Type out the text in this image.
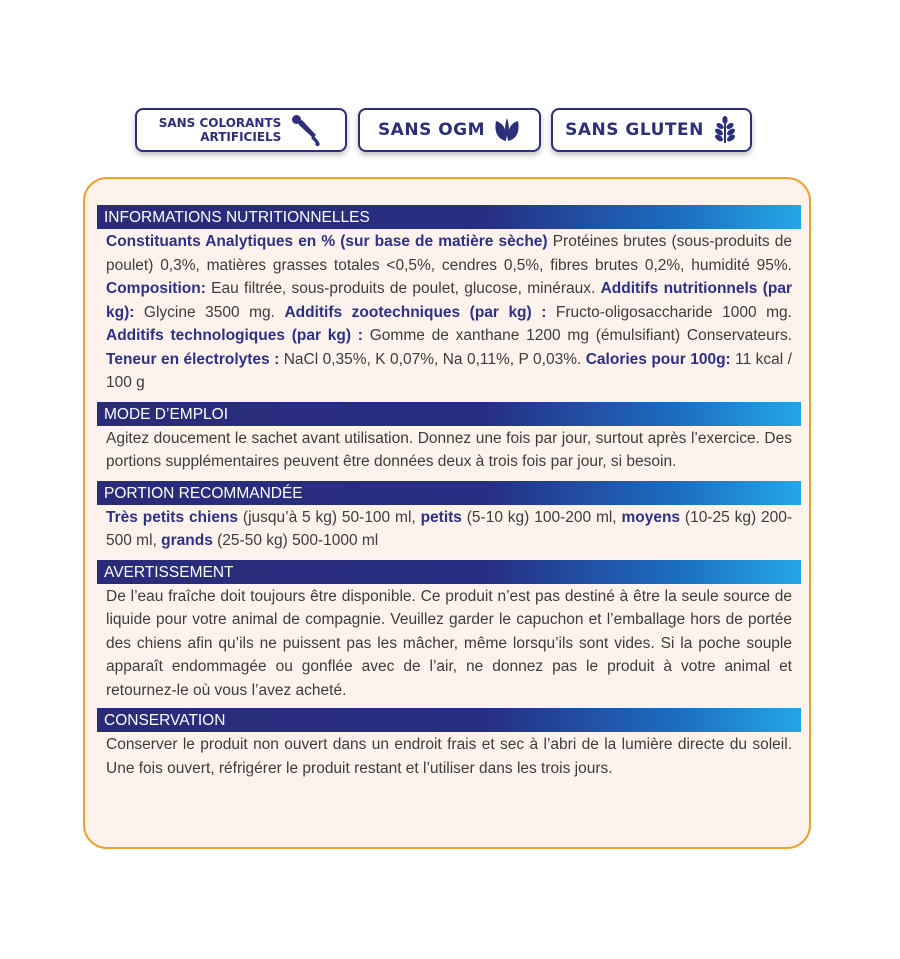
SANS COLORANTS
ARTIFICIELS	SANS OGM	SANS GLUTEN
INFORMATIONS NUTRITIONNELLES
Constituants Analytiques en % (sur base de matière sèche) Protéines brutes (sous-produits de poulet) 0,3%, matières grasses totales <0,5%, cendres 0,5%, fibres brutes 0,2%, humidité 95%. Composition: Eau filtrée, sous-produits de poulet, glucose, minéraux. Additifs nutritionnels (par kg): Glycine 3500 mg. Additifs zootechniques (par kg) : Fructo-oligosaccharide 1000 mg. Additifs technologiques (par kg) : Gomme de xanthane 1200 mg (émulsifiant) Conservateurs. Teneur en électrolytes : NaCl 0,35%, K 0,07%, Na 0,11%, P 0,03%. Calories pour 100g: 11 kcal / 100 g
MODE D’EMPLOI
Agitez doucement le sachet avant utilisation. Donnez une fois par jour, surtout après l’exercice. Des portions supplémentaires peuvent être données deux à trois fois par jour, si besoin.
PORTION RECOMMANDÉE
Très petits chiens (jusqu’à 5 kg) 50-100 ml, petits (5-10 kg) 100-200 ml, moyens (10-25 kg) 200-500 ml, grands (25-50 kg) 500-1000 ml
AVERTISSEMENT
De l’eau fraîche doit toujours être disponible. Ce produit n’est pas destiné à être la seule source de liquide pour votre animal de compagnie. Veuillez garder le capuchon et l’emballage hors de portée des chiens afin qu’ils ne puissent pas les mâcher, même lorsqu’ils sont vides. Si la poche souple apparaît endommagée ou gonflée avec de l’air, ne donnez pas le produit à votre animal et retournez-le où vous l’avez acheté.
CONSERVATION
Conserver le produit non ouvert dans un endroit frais et sec à l’abri de la lumière directe du soleil. Une fois ouvert, réfrigérer le produit restant et l’utiliser dans les trois jours.
